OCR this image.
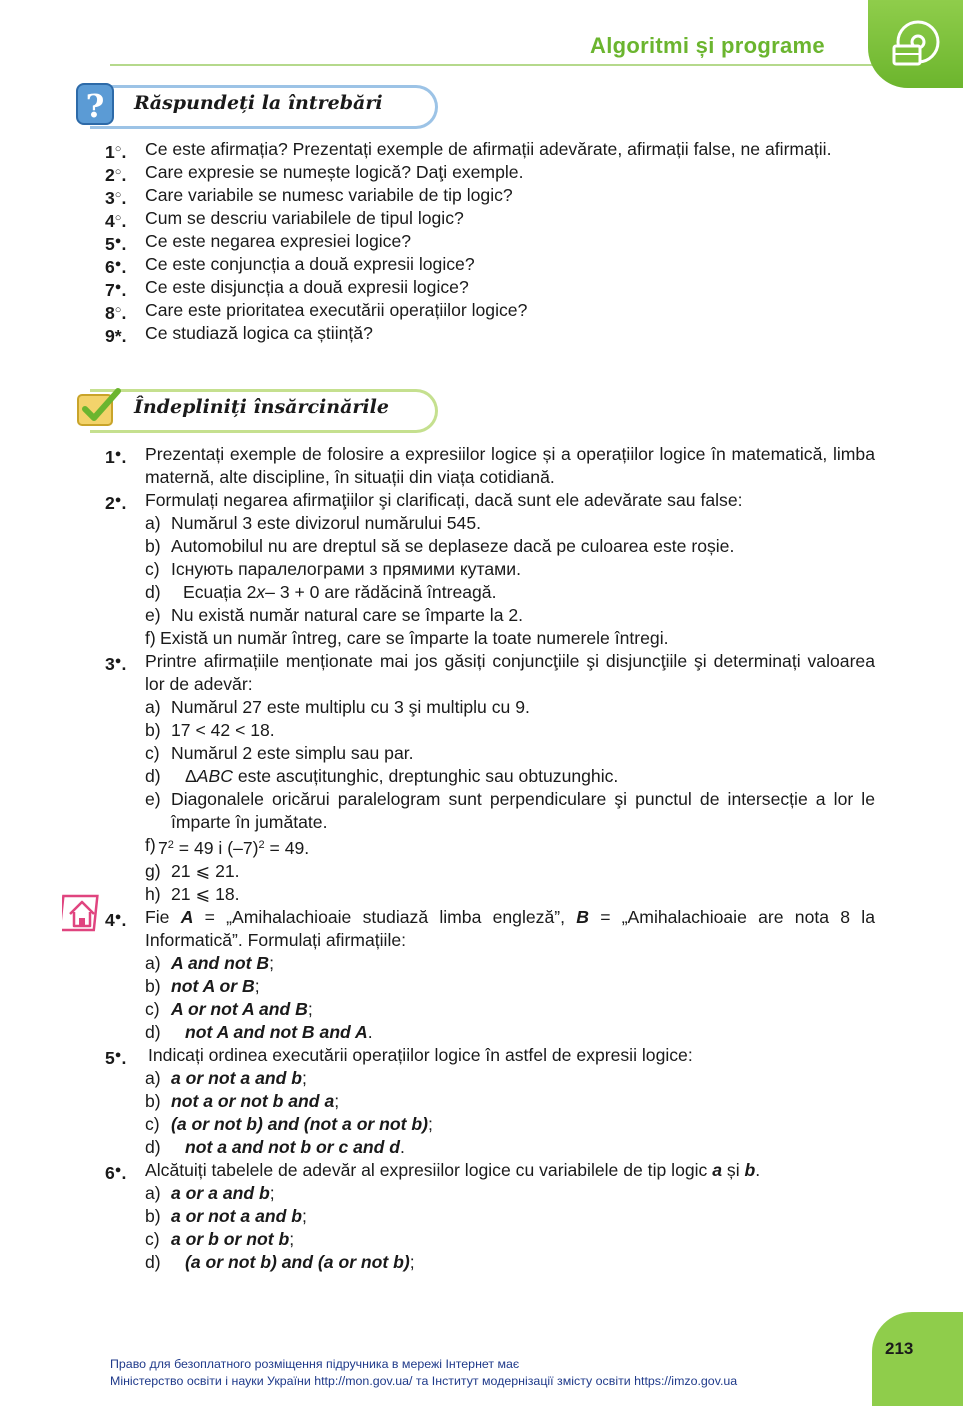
Algoritmi și programe
?	Răspundeți la întrebări
1○. Ce este afirmația? Prezentați exemple de afirmații adevărate, afirmații false, ne afirmații.
2○. Care expresie se numește logică? Daţi exemple.
3○. Care variabile se numesc variabile de tip logic?
4○. Cum se descriu variabilele de tipul logic?
5●. Ce este negarea expresiei logice?
6●. Ce este conjuncția a două expresii logice?
7●. Ce este disjuncția a două expresii logice?
8○. Care este prioritatea executării operațiilor logice?
9*. Ce studiază logica ca știință?
Îndepliniți însărcinările
1●. Prezentați exemple de folosire a expresiilor logice și a operațiilor logice în matematică, limba maternă, alte discipline, în situații din viața cotidiană.
2●. Formulați negarea afirmaţiilor şi clarificați, dacă sunt ele adevărate sau false:
a) Numărul 3 este divizorul numărului 545.
b) Automobilul nu are dreptul să se deplaseze dacă pe culoarea este roșie.
c) Існують паралелограми з прямими кутами.
d) Ecuația 2x– 3 + 0 are rădăcină întreagă.
e) Nu există număr natural care se împarte la 2.
f) Există un număr întreg, care se împarte la toate numerele întregi.
3●. Printre afirmațiile menționate mai jos găsiți conjuncţiile şi disjuncţiile şi determinați valoarea lor de adevăr:
a) Numărul 27 este multiplu cu 3 şi multiplu cu 9.
b) 17 < 42 < 18.
c) Numărul 2 este simplu sau par.
d) ΔABC este ascuțitunghic, dreptunghic sau obtuzunghic.
e) Diagonalele oricărui paralelogram sunt perpendiculare şi punctul de intersecție a lor le împarte în jumătate.
f) $7^2 = 49$ і $(-7)^2 = 49$.
g) 21 ⩽ 21.
h) 21 ⩽ 18.
4●. Fie A = „Amihalachioaie studiază limba engleză”, B = „Amihalachioaie are nota 8 la Informatică”. Formulați afirmațiile:
a) A and not B;
b) not A or B;
c) A or not A and B;
d) not A and not B and A.
5●. Indicați ordinea executării operațiilor logice în astfel de expresii logice:
a) a or not a and b;
b) not a or not b and a;
c) (a or not b) and (not a or not b);
d) not a and not b or c and d.
6●. Alcătuiți tabelele de adevăr al expresiilor logice cu variabilele de tip logic a și b.
a) a or a and b;
b) a or not a and b;
c) a or b or not b;
d) (a or not b) and (a or not b);
Право для безоплатного розміщення підручника в мережі Інтернет має
Міністерство освіти і науки України http://mon.gov.ua/ та Інститут модернізації змісту освіти https://imzo.gov.ua
213
